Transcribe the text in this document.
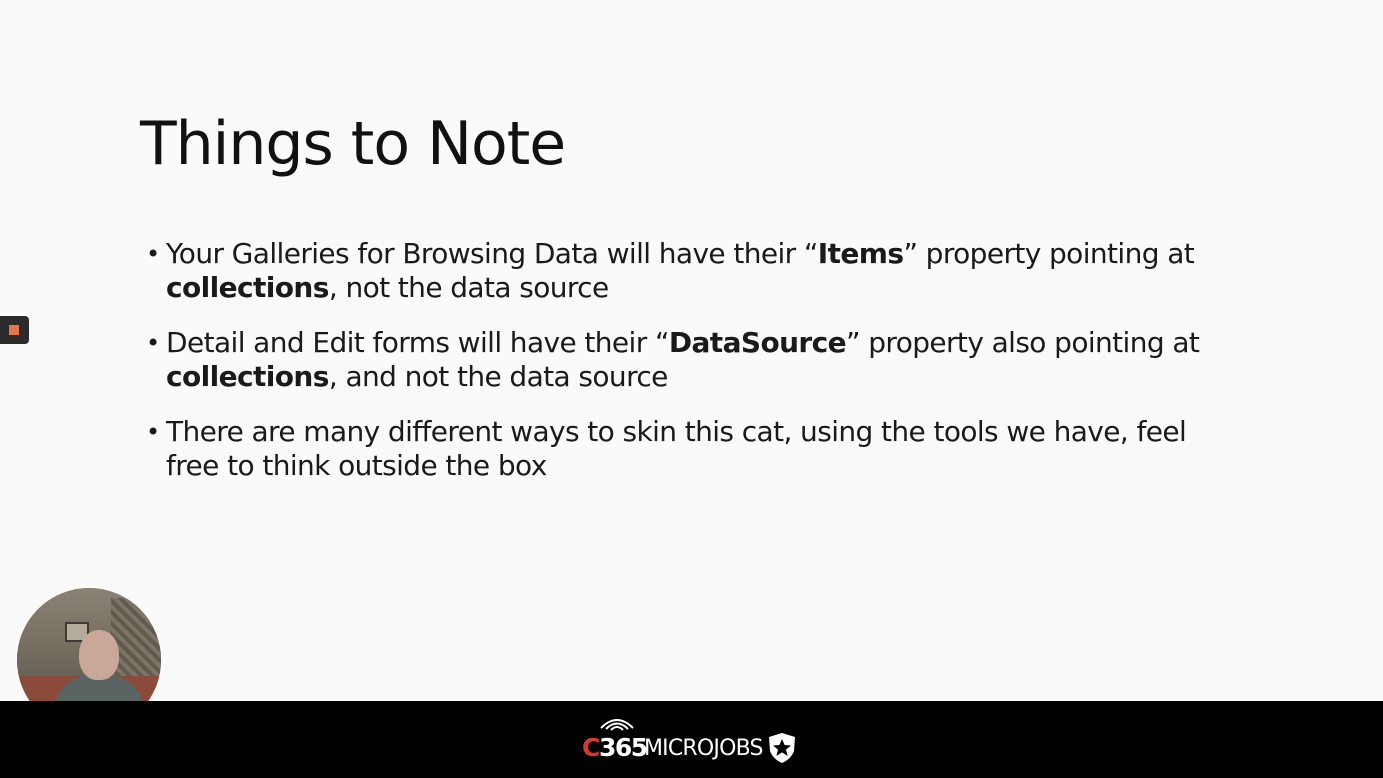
Things to Note
• Your Galleries for Browsing Data will have their “Items” property pointing at
collections, not the data source
• Detail and Edit forms will have their “DataSource” property also pointing at
collections, and not the data source
• There are many different ways to skin this cat, using the tools we have, feel
free to think outside the box
C 365
MICROJOBS
